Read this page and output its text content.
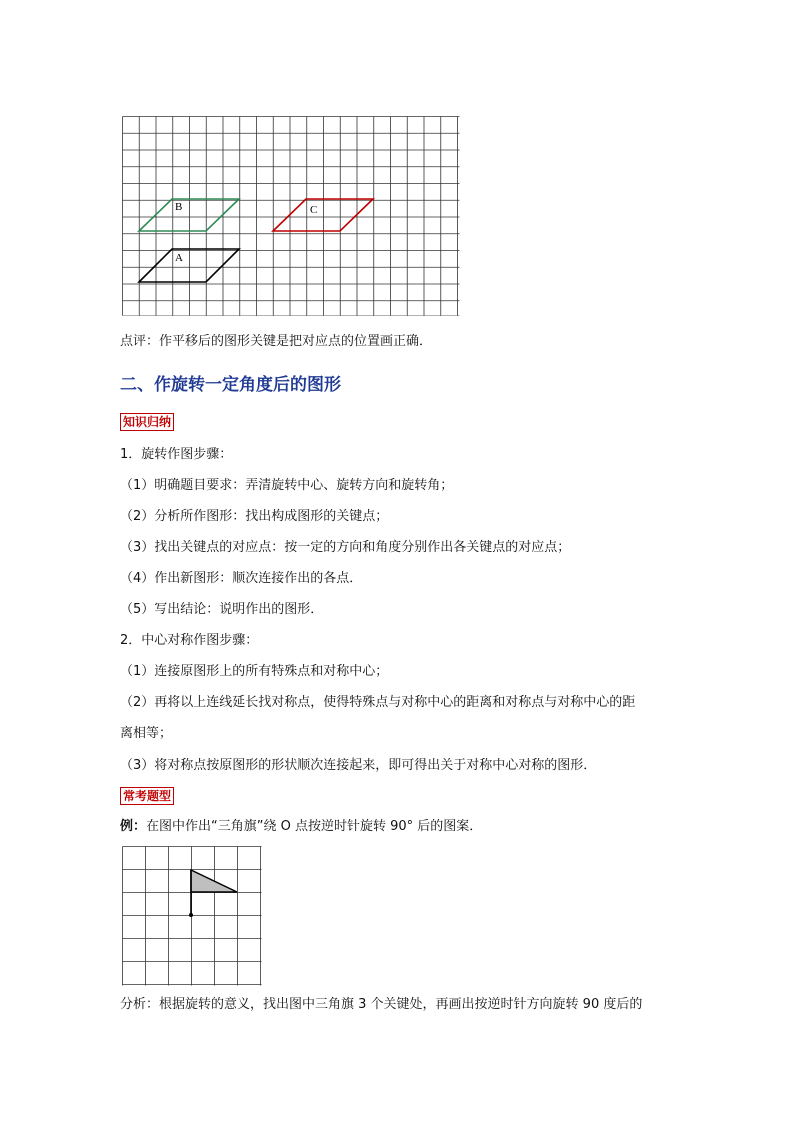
B	C
A
点评：作平移后的图形关键是把对应点的位置画正确．
二、作旋转一定角度后的图形
知识归纳
1．旋转作图步骤：
（1）明确题目要求：弄清旋转中心、旋转方向和旋转角；
（2）分析所作图形：找出构成图形的关键点；
（3）找出关键点的对应点：按一定的方向和角度分别作出各关键点的对应点；
（4）作出新图形：顺次连接作出的各点．
（5）写出结论：说明作出的图形．
2．中心对称作图步骤：
（1）连接原图形上的所有特殊点和对称中心；
（2）再将以上连线延长找对称点，使得特殊点与对称中心的距离和对称点与对称中心的距
离相等；
（3）将对称点按原图形的形状顺次连接起来，即可得出关于对称中心对称的图形．
常考题型
例：在图中作出“三角旗”绕 O 点按逆时针旋转 90° 后的图案．
分析：根据旋转的意义，找出图中三角旗 3 个关键处，再画出按逆时针方向旋转 90 度后的
